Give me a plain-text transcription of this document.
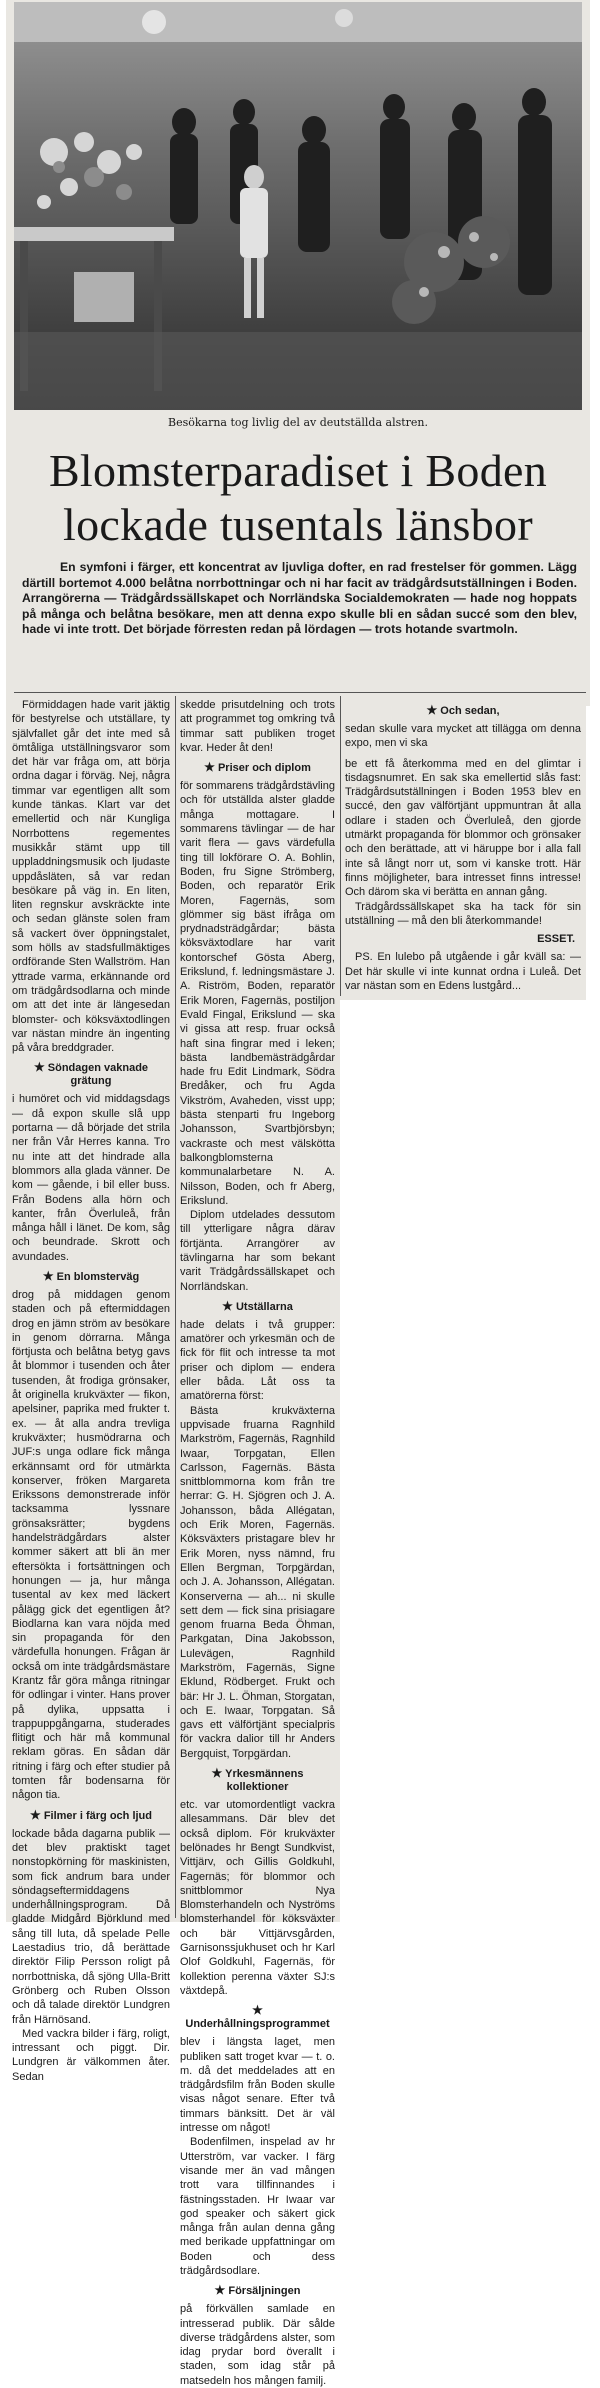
Besökarna tog livlig del av deutställda alstren.
Blomsterparadiset i Boden
lockade tusentals länsbor
En symfoni i färger, ett koncentrat av ljuvliga dofter, en rad frestelser för gommen. Lägg därtill bortemot 4.000 belåtna norrbottningar och ni har facit av trädgårdsutställningen i Boden. Arrangörerna — Trädgårdssällskapet och Norrländska Socialdemokraten — hade nog hoppats på många och belåtna besökare, men att denna expo skulle bli en sådan succé som den blev, hade vi inte trott. Det började förresten redan på lördagen — trots hotande svartmoln.

Förmiddagen hade varit jäktig för bestyrelse och utställare, ty självfallet går det inte med så ömtåliga utställningsvaror som det här var fråga om, att börja ordna dagar i förväg. Nej, några timmar var egentligen allt som kunde tänkas. Klart var det emellertid och när Kungliga Norrbottens regementes musikkår stämt upp till uppladdningsmusik och ljudaste uppdåsläten, så var redan besökare på väg in. En liten, liten regnskur avskräckte inte och sedan glänste solen fram så vackert över öppningstalet, som hölls av stadsfullmäktiges ordförande Sten Wallström. Han yttrade varma, erkännande ord om trädgårdsodlarna och minde om att det inte är längesedan blomster- och köksväxtodlingen var nästan mindre än ingenting på våra breddgrader.

★ Söndagen vaknade grätung

i humöret och vid middagsdags — då expon skulle slå upp portarna — då började det strila ner från Vår Herres kanna. Tro nu inte att det hindrade alla blommors alla glada vänner. De kom — gående, i bil eller buss. Från Bodens alla hörn och kanter, från Överluleå, från många håll i länet. De kom, såg och beundrade. Skrott och avundades.

★ En blomsterväg

drog på middagen genom staden och på eftermiddagen drog en jämn ström av besökare in genom dörrarna. Många förtjusta och belåtna betyg gavs åt blommor i tusenden och åter tusenden, åt frodiga grönsaker, åt originella krukväxter — fikon, apelsiner, paprika med frukter t. ex. — åt alla andra trevliga krukväxter; husmödrarna och JUF:s unga odlare fick många erkännsamt ord för utmärkta konserver, fröken Margareta Erikssons demonstrerade inför tacksamma lyssnare grönsaksrätter; bygdens handelsträdgårdars alster kommer säkert att bli än mer eftersökta i fortsättningen och honungen — ja, hur många tusental av kex med läckert pålägg gick det egentligen åt? Biodlarna kan vara nöjda med sin propaganda för den värdefulla honungen. Frågan är också om inte trädgårdsmästare Krantz får göra många ritningar för odlingar i vinter. Hans prover på dylika, uppsatta i trappuppgångarna, studerades flitigt och här må kommunal reklam göras. En sådan där ritning i färg och efter studier på tomten får bodensarna för någon tia.

★ Filmer i färg och ljud

lockade båda dagarna publik — det blev praktiskt taget nonstopkörning för maskinisten, som fick andrum bara under söndagseftermiddagens underhållningsprogram. Då gladde Midgård Björklund med sång till luta, då spelade Pelle Laestadius trio, då berättade direktör Filip Persson roligt på norrbottniska, då sjöng Ulla-Britt Grönberg och Ruben Olsson och då talade direktör Lundgren från Härnösand.

Med vackra bilder i färg, roligt, intressant och piggt. Dir. Lundgren är välkommen åter. Sedan

skedde prisutdelning och trots att programmet tog omkring två timmar satt publiken troget kvar. Heder åt den!

★ Priser och diplom

för sommarens trädgårdstävling och för utställda alster gladde många mottagare. I sommarens tävlingar — de har varit flera — gavs värdefulla ting till lokförare O. A. Bohlin, Boden, fru Signe Strömberg, Boden, och reparatör Erik Moren, Fagernäs, som glömmer sig bäst ifråga om prydnadsträdgårdar; bästa köksväxtodlare har varit kontorschef Gösta Aberg, Erikslund, f. ledningsmästare J. A. Riström, Boden, reparatör Erik Moren, Fagernäs, postiljon Evald Fingal, Erikslund — ska vi gissa att resp. fruar också haft sina fingrar med i leken; bästa landbemästrädgårdar hade fru Edit Lindmark, Södra Bredåker, och fru Agda Vikström, Avaheden, visst upp; bästa stenparti fru Ingeborg Johansson, Svartbjörsbyn; vackraste och mest välskötta balkongblomsterna kommunalarbetare N. A. Nilsson, Boden, och fr Aberg, Erikslund.

Diplom utdelades dessutom till ytterligare några därav förtjänta. Arrangörer av tävlingarna har som bekant varit Trädgårdssällskapet och Norrländskan.

★ Utställarna

hade delats i två grupper: amatörer och yrkesmän och de fick för flit och intresse ta mot priser och diplom — endera eller båda. Låt oss ta amatörerna först:

Bästa krukväxterna uppvisade fruarna Ragnhild Markström, Fagernäs, Ragnhild Iwaar, Torpgatan, Ellen Carlsson, Fagernäs. Bästa snittblommorna kom från tre herrar: G. H. Sjögren och J. A. Johansson, båda Allégatan, och Erik Moren, Fagernäs. Köksväxters pristagare blev hr Erik Moren, nyss nämnd, fru Ellen Bergman, Torpgärdan, och J. A. Johansson, Allégatan. Konserverna — ah... ni skulle sett dem — fick sina prisiagare genom fruarna Beda Öhman, Parkgatan, Dina Jakobsson, Lulevägen, Ragnhild Markström, Fagernäs, Signe Eklund, Rödberget. Frukt och bär: Hr J. L. Öhman, Storgatan, och E. Iwaar, Torpgatan. Så gavs ett välförtjänt specialpris för vackra dalior till hr Anders Bergquist, Torpgärdan.

★ Yrkesmännens kollektioner

etc. var utomordentligt vackra allesammans. Där blev det också diplom. För krukväxter belönades hr Bengt Sundkvist, Vittjärv, och Gillis Goldkuhl, Fagernäs; för blommor och snittblommor Nya Blomsterhandeln och Nyströms blomsterhandel för köksväxter och bär Vittjärvsgården, Garnisonssjukhuset och hr Karl Olof Goldkuhl, Fagernäs, för kollektion perenna växter SJ:s växtdepå.

★ Underhållningsprogrammet

blev i längsta laget, men publiken satt troget kvar — t. o. m. då det meddelades att en trädgårdsfilm från Boden skulle visas något senare. Efter två timmars bänksitt. Det är väl intresse om något!

Bodenfilmen, inspelad av hr Utterström, var vacker. I färg visande mer än vad mången trott vara tillfinnandes i fästningsstaden. Hr Iwaar var god speaker och säkert gick många från aulan denna gång med berikade uppfattningar om Boden och dess trädgårdsodlare.

★ Försäljningen

på förkvällen samlade en intresserad publik. Där sålde diverse trädgårdens alster, som idag prydar bord överallt i staden, som idag står på matsedeln hos mången familj.

★ Och sedan,

sedan skulle vara mycket att tillägga om denna expo, men vi ska

be ett få återkomma med en del glimtar i tisdagsnumret. En sak ska emellertid slås fast: Trädgårdsutställningen i Boden 1953 blev en succé, den gav välförtjänt uppmuntran åt alla odlare i staden och Överluleå, den gjorde utmärkt propaganda för blommor och grönsaker och den berättade, att vi häruppe bor i alla fall inte så långt norr ut, som vi kanske trott. Här finns möjligheter, bara intresset finns intresse! Och därom ska vi berätta en annan gång.

Trädgårdssällskapet ska ha tack för sin utställning — må den bli återkommande!

ESSET.

PS. En lulebo på utgående i går kväll sa: — Det här skulle vi inte kunnat ordna i Luleå. Det var nästan som en Edens lustgård...
